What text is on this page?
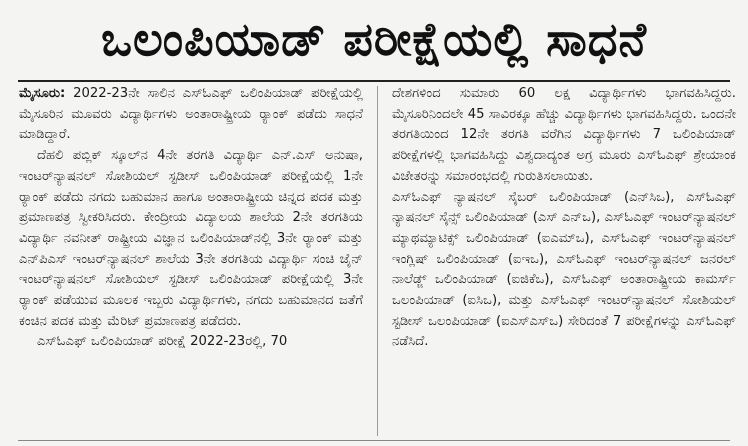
ಒಲಂಪಿಯಾಡ್ ಪರೀಕ್ಷೆಯಲ್ಲಿ ಸಾಧನೆ

ಮೈಸೂರು: 2022-23ನೇ ಸಾಲಿನ ಎಸ್‌ಓಎಫ್ ಒಲಿಂಪಿಯಾಡ್ ಪರೀಕ್ಷೆಯಲ್ಲಿ ಮೈಸೂರಿನ ಮೂವರು ವಿದ್ಯಾರ್ಥಿಗಳು ಅಂತಾರಾಷ್ಟ್ರೀಯ ರ‍್ಯಾಂಕ್ ಪಡೆದು ಸಾಧನೆ ಮಾಡಿದ್ದಾರೆ.

ದೆಹಲಿ ಪಬ್ಲಿಕ್ ಸ್ಕೂಲ್‌ನ 4ನೇ ತರಗತಿ ವಿದ್ಯಾರ್ಥಿ ಎನ್.ಎಸ್ ಅನುಷಾ, ಇಂಟರ್‌ನ್ಯಾಷನಲ್ ಸೋಶಿಯಲ್ ಸ್ಟಡೀಸ್ ಒಲಿಂಪಿಯಾಡ್ ಪರೀಕ್ಷೆಯಲ್ಲಿ 1ನೇ ರ‍್ಯಾಂಕ್ ಪಡೆದು ನಗದು ಬಹುಮಾನ ಹಾಗೂ ಅಂತಾರಾಷ್ಟ್ರೀಯ ಚಿನ್ನದ ಪದಕ ಮತ್ತು ಪ್ರಮಾಣಪತ್ರ ಸ್ವೀಕರಿಸಿದರು. ಕೇಂದ್ರೀಯ ವಿದ್ಯಾಲಯ ಶಾಲೆಯ 2ನೇ ತರಗತಿಯ ವಿದ್ಯಾರ್ಥಿ ನವನೀತ್ ರಾಷ್ಟ್ರೀಯ ವಿಜ್ಞಾನ ಒಲಿಂಪಿಯಾಡ್‌ನಲ್ಲಿ 3ನೇ ರ‍್ಯಾಂಕ್ ಮತ್ತು ಎನ್‌ಪಿಎಸ್ ಇಂಟರ್‌ನ್ಯಾಷನಲ್ ಶಾಲೆಯ 3ನೇ ತರಗತಿಯ ವಿದ್ಯಾರ್ಥಿ ಸಂಚಿ ಜೈನ್ ಇಂಟರ್‌ನ್ಯಾಷನಲ್ ಸೋಶಿಯಲ್ ಸ್ಟಡೀಸ್ ಒಲಿಂಪಿಯಾಡ್ ಪರೀಕ್ಷೆಯಲ್ಲಿ 3ನೇ ರ‍್ಯಾಂಕ್ ಪಡೆಯುವ ಮೂಲಕ ಇಬ್ಬರು ವಿದ್ಯಾರ್ಥಿಗಳು, ನಗದು ಬಹುಮಾನದ ಜತೆಗೆ ಕಂಚಿನ ಪದಕ ಮತ್ತು ಮೆರಿಟ್ ಪ್ರಮಾಣಪತ್ರ ಪಡೆದರು.

ಎಸ್‌ಓಎಫ್ ಒಲಿಂಪಿಯಾಡ್ ಪರೀಕ್ಷೆ 2022-23ರಲ್ಲಿ, 70

ದೇಶಗಳಿಂದ ಸುಮಾರು 60 ಲಕ್ಷ ವಿದ್ಯಾರ್ಥಿಗಳು ಭಾಗವಹಿಸಿದ್ದರು. ಮೈಸೂರಿನಿಂದಲೇ 45 ಸಾವಿರಕ್ಕೂ ಹೆಚ್ಚು ವಿದ್ಯಾರ್ಥಿಗಳು ಭಾಗವಹಿಸಿದ್ದರು. ಒಂದನೇ ತರಗತಿಯಿಂದ 12ನೇ ತರಗತಿ ವರೆಗಿನ ವಿದ್ಯಾರ್ಥಿಗಳು 7 ಒಲಿಂಪಿಯಾಡ್ ಪರೀಕ್ಷೆಗಳಲ್ಲಿ ಭಾಗವಹಿಸಿದ್ದು ವಿಶ್ವದಾದ್ಯಂತ ಅಗ್ರ ಮೂರು ಎಸ್‌ಓಎಫ್ ಶ್ರೇಯಾಂಕ ವಿಜೇತರನ್ನು ಸಮಾರಂಭದಲ್ಲಿ ಗುರುತಿಸಲಾಯಿತು.

ಎಸ್‌ಓಎಫ್ ನ್ಯಾಷನಲ್ ಸೈಬರ್ ಒಲಿಂಪಿಯಾಡ್ (ಎನ್‌ಸಿಒ), ಎಸ್‌ಓಎಫ್ ನ್ಯಾಷನಲ್ ಸೈನ್ಸ್ ಒಲಿಂಪಿಯಾಡ್ (ಎಸ್ ಎನ್‌ಒ), ಎಸ್‌ಓಎಫ್ ಇಂಟರ್‌ನ್ಯಾಷನಲ್ ಮ್ಯಾಥಮ್ಯಾಟಿಕ್ಸ್ ಒಲಿಂಪಿಯಾಡ್ (ಐಎಮ್‌ಒ), ಎಸ್‌ಓಎಫ್ ಇಂಟರ್‌ನ್ಯಾಷನಲ್ ಇಂಗ್ಲಿಷ್ ಒಲಿಂಪಿಯಾಡ್ (ಐಇಒ), ಎಸ್‌ಓಎಫ್ ಇಂಟರ್‌ನ್ಯಾಷನಲ್ ಜನರಲ್ ನಾಲೆಡ್ಜ್ ಒಲಿಂಪಿಯಾಡ್ (ಐಜಿಕೆಒ), ಎಸ್‌ಓಎಫ್ ಅಂತಾರಾಷ್ಟ್ರೀಯ ಕಾಮರ್ಸ್ ಒಲಂಪಿಯಾಡ್ (ಐಸಿಒ), ಮತ್ತು ಎಸ್‌ಓಎಫ್ ಇಂಟರ್‌ನ್ಯಾಷನಲ್ ಸೋಶಿಯಲ್ ಸ್ಟಡೀಸ್ ಒಲಂಪಿಯಾಡ್ (ಐಎಸ್‌ಎಸ್‌ಒ) ಸೇರಿದಂತೆ 7 ಪರೀಕ್ಷೆಗಳನ್ನು ಎಸ್‌ಓಎಫ್ ನಡೆಸಿದೆ.
